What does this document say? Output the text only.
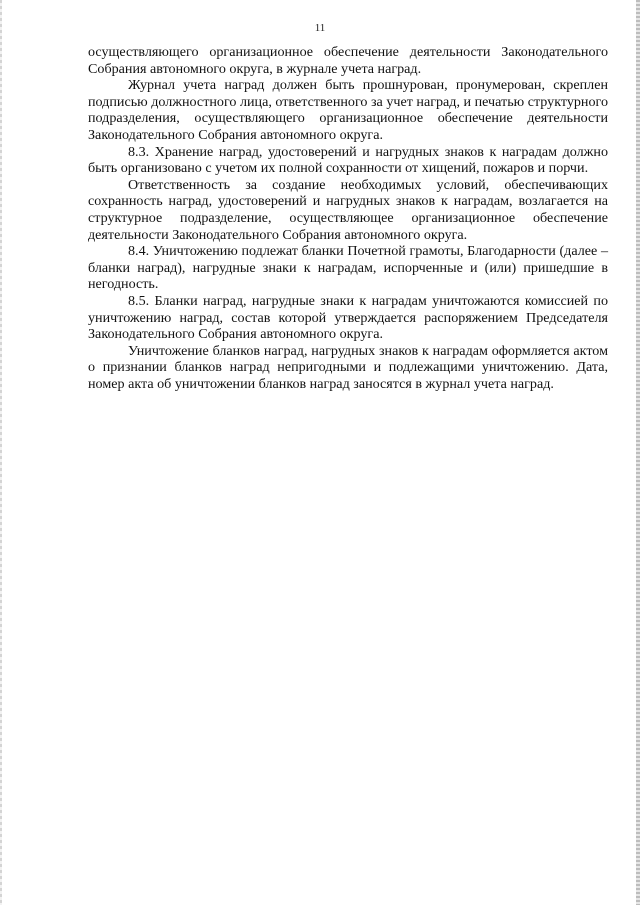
11

осуществляющего организационное обеспечение деятельности Законодательного Собрания автономного округа, в журнале учета наград.

Журнал учета наград должен быть прошнурован, пронумерован, скреплен подписью должностного лица, ответственного за учет наград, и печатью структурного подразделения, осуществляющего организационное обеспечение деятельности Законодательного Собрания автономного округа.

8.3. Хранение наград, удостоверений и нагрудных знаков к наградам должно быть организовано с учетом их полной сохранности от хищений, пожаров и порчи.

Ответственность за создание необходимых условий, обеспечивающих сохранность наград, удостоверений и нагрудных знаков к наградам, возлагается на структурное подразделение, осуществляющее организационное обеспечение деятельности Законодательного Собрания автономного округа.

8.4. Уничтожению подлежат бланки Почетной грамоты, Благодарности (далее – бланки наград), нагрудные знаки к наградам, испорченные и (или) пришедшие в негодность.

8.5. Бланки наград, нагрудные знаки к наградам уничтожаются комиссией по уничтожению наград, состав которой утверждается распоряжением Председателя Законодательного Собрания автономного округа.

Уничтожение бланков наград, нагрудных знаков к наградам оформляется актом о признании бланков наград непригодными и подлежащими уничтожению. Дата, номер акта об уничтожении бланков наград заносятся в журнал учета наград.
